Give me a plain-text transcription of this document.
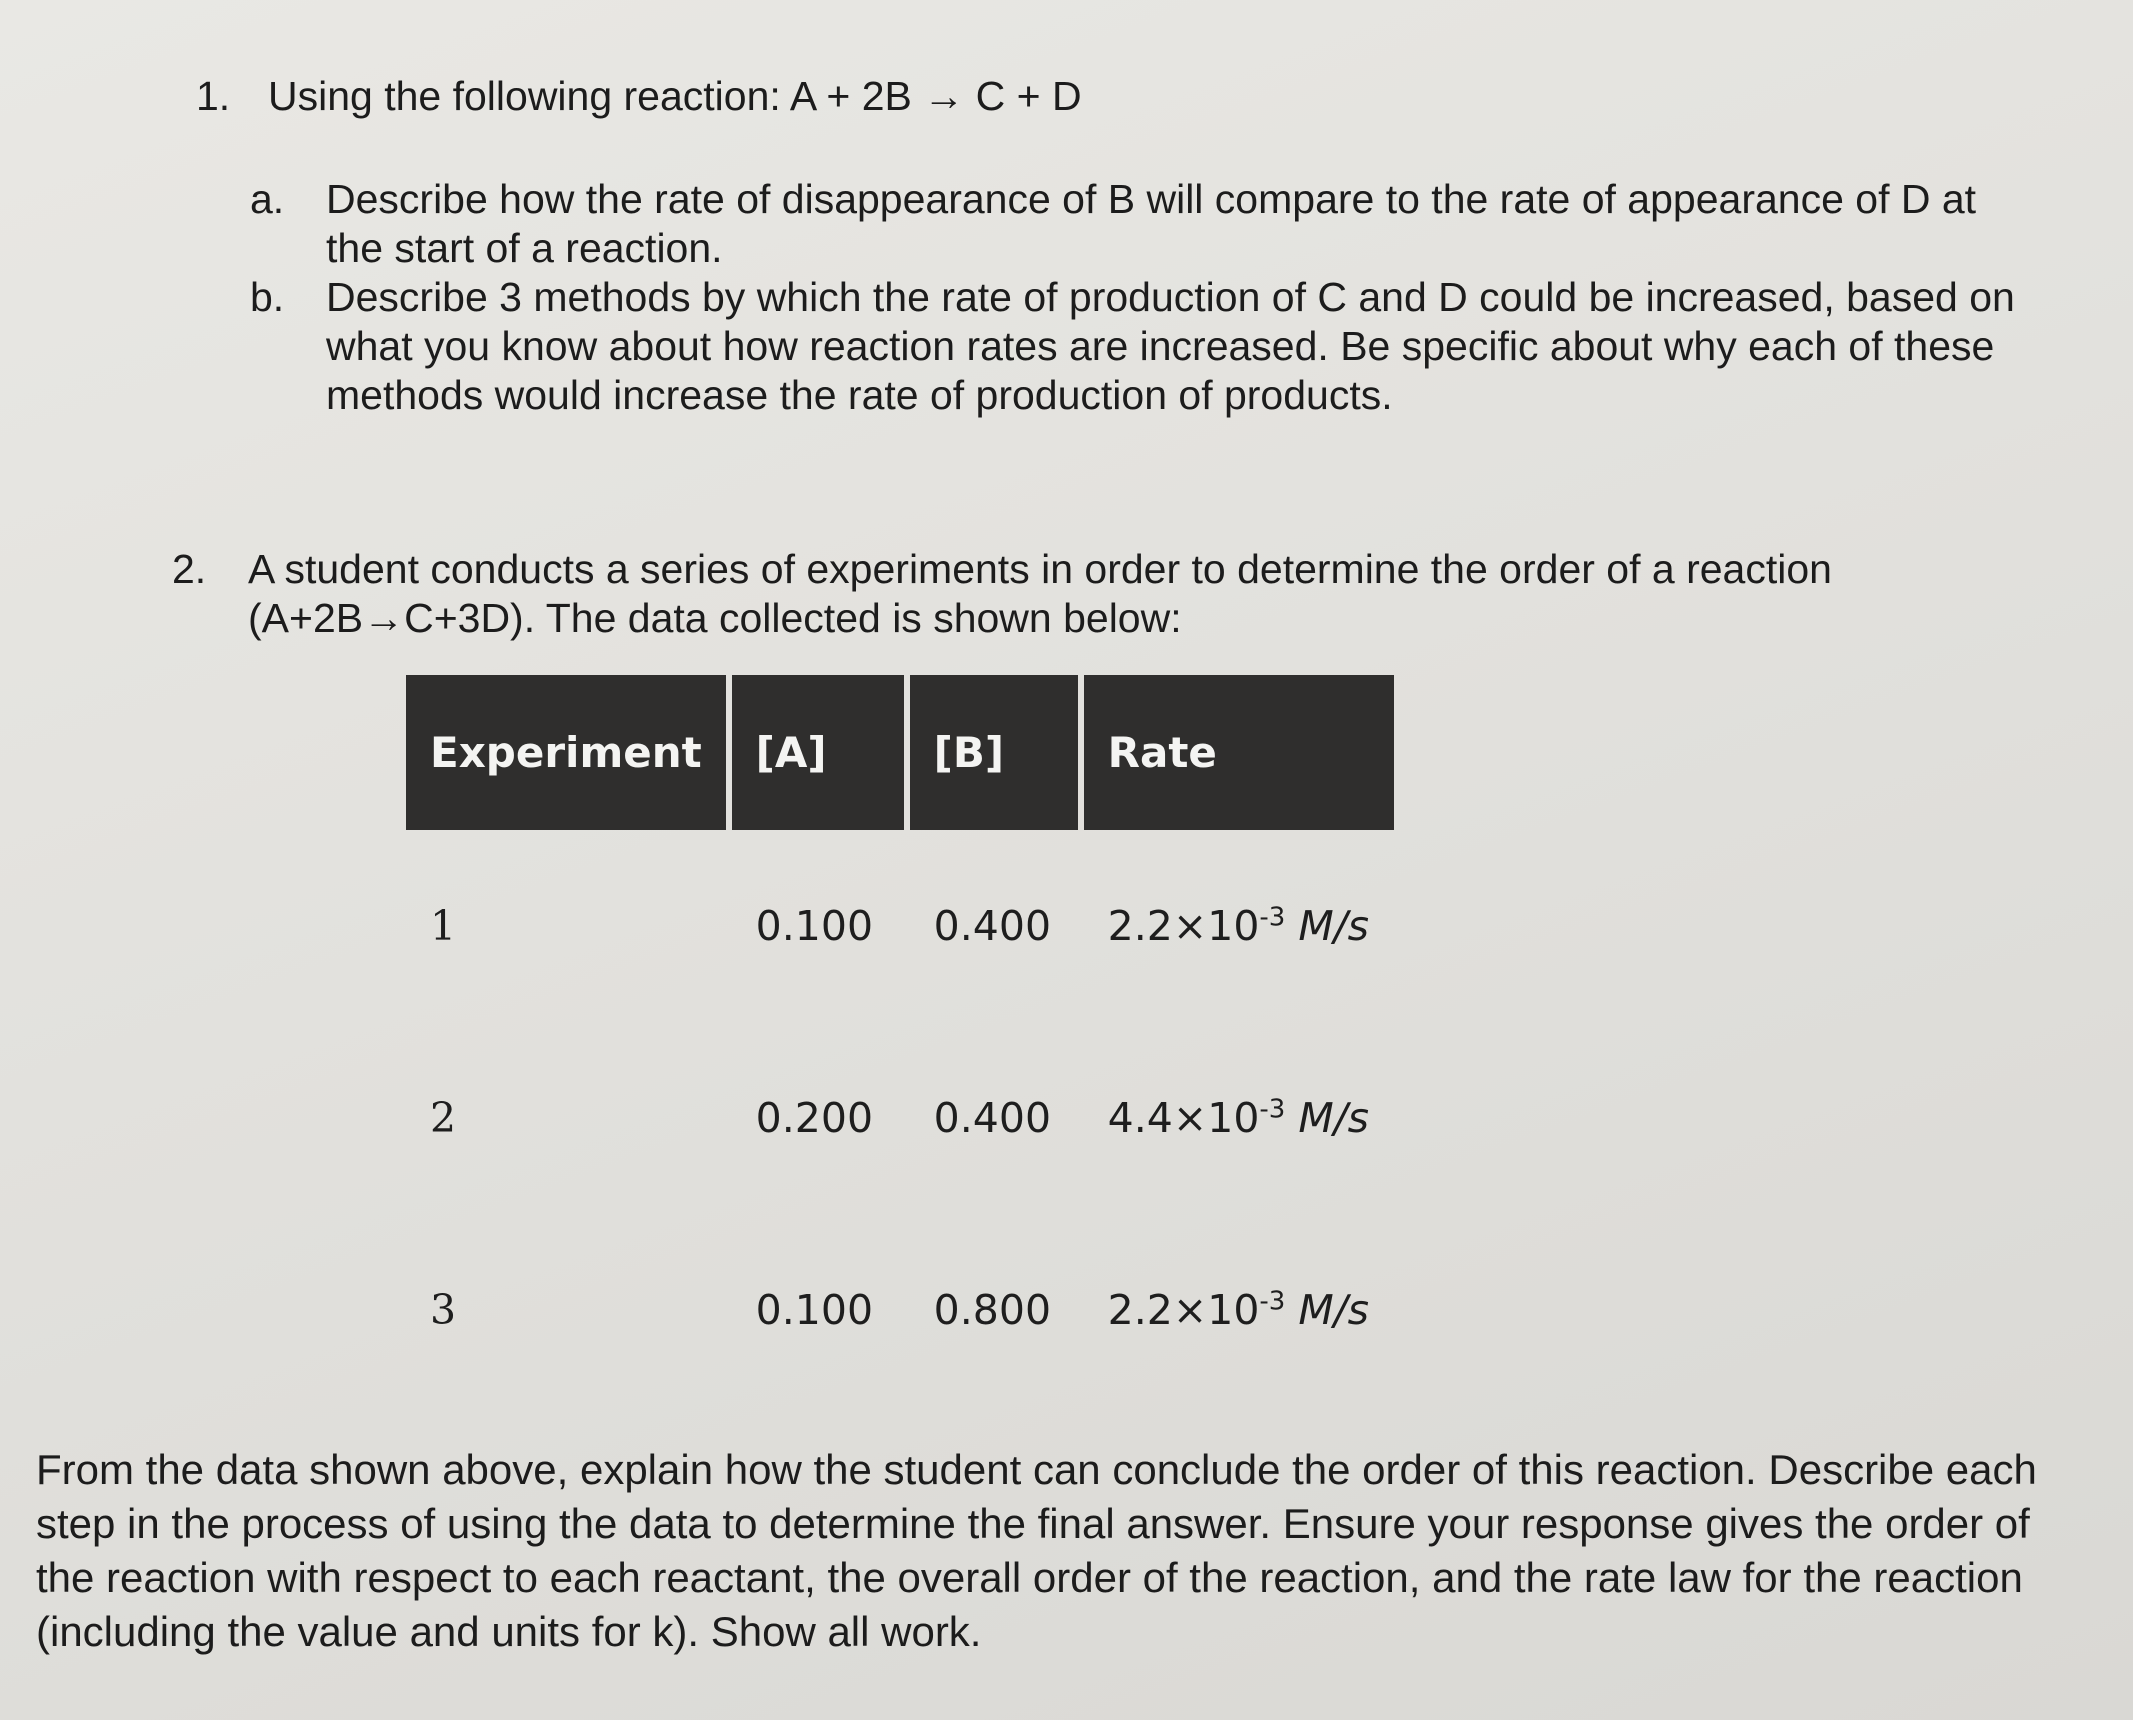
1. Using the following reaction: A + 2B → C + D
a. Describe how the rate of disappearance of B will compare to the rate of appearance of D at the start of a reaction.
b. Describe 3 methods by which the rate of production of C and D could be increased, based on what you know about how reaction rates are increased. Be specific about why each of these methods would increase the rate of production of products.
2. A student conducts a series of experiments in order to determine the order of a reaction (A+2B→C+3D). The data collected is shown below:
Experiment	[A]	[B]	Rate
1	0.100	0.400	$2.2\times 10^{-3}$ M/s
2	0.200	0.400	$4.4\times 10^{-3}$ M/s
3	0.100	0.800	$2.2\times 10^{-3}$ M/s
From the data shown above, explain how the student can conclude the order of this reaction. Describe each step in the process of using the data to determine the final answer. Ensure your response gives the order of the reaction with respect to each reactant, the overall order of the reaction, and the rate law for the reaction (including the value and units for k). Show all work.
